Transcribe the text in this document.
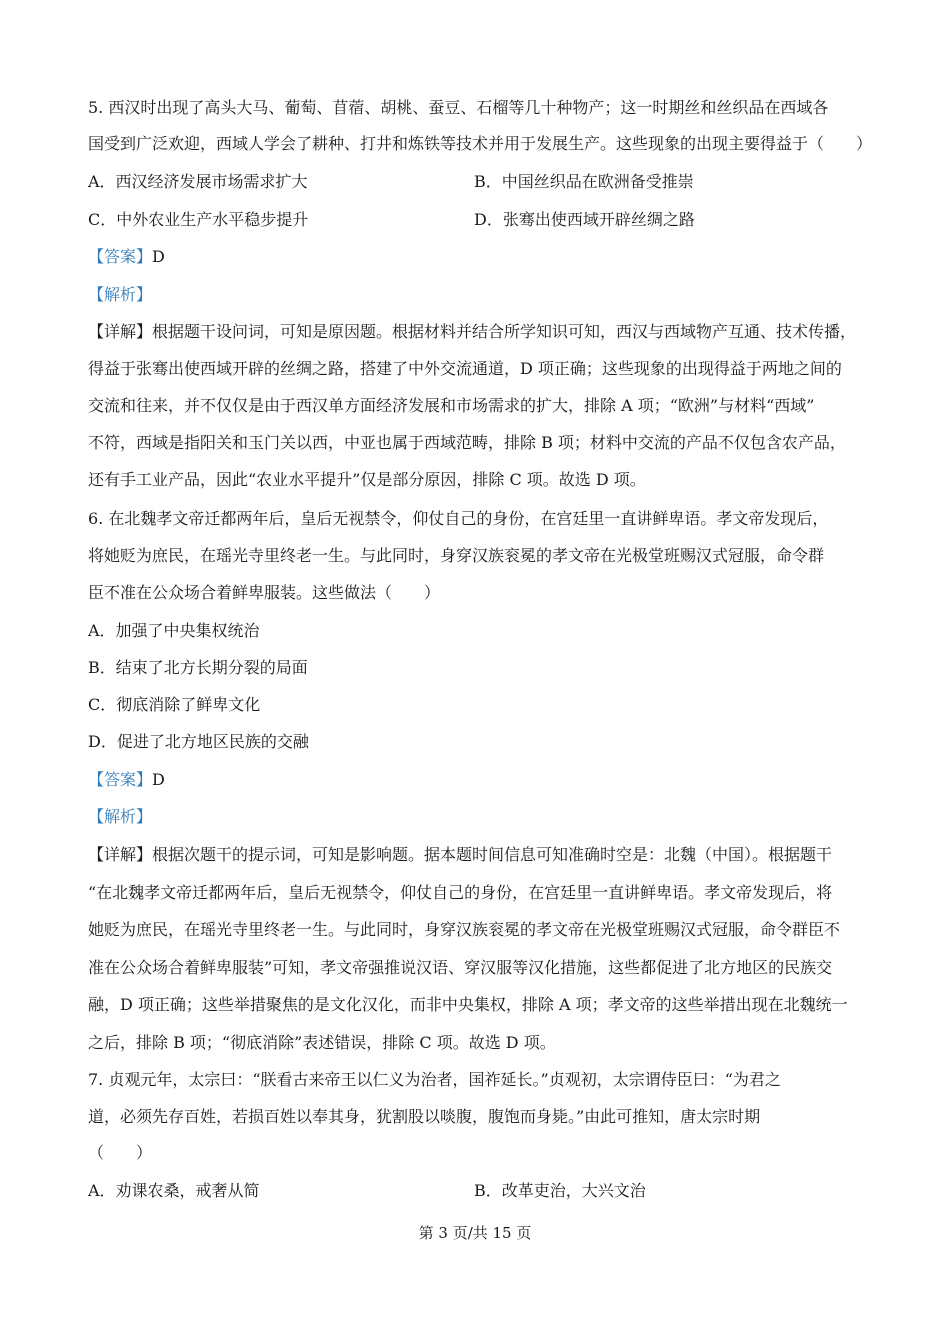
5. 西汉时出现了高头大马、葡萄、苜蓿、胡桃、蚕豆、石榴等几十种物产；这一时期丝和丝织品在西域各
国受到广泛欢迎，西域人学会了耕种、打井和炼铁等技术并用于发展生产。这些现象的出现主要得益于（　　）
A．西汉经济发展市场需求扩大	B．中国丝织品在欧洲备受推崇
C．中外农业生产水平稳步提升	D．张骞出使西域开辟丝绸之路
【答案】D
【解析】
【详解】根据题干设问词，可知是原因题。根据材料并结合所学知识可知，西汉与西域物产互通、技术传播，
得益于张骞出使西域开辟的丝绸之路，搭建了中外交流通道，D 项正确；这些现象的出现得益于两地之间的
交流和往来，并不仅仅是由于西汉单方面经济发展和市场需求的扩大，排除 A 项；“欧洲”与材料“西域”
不符，西域是指阳关和玉门关以西，中亚也属于西域范畴，排除 B 项；材料中交流的产品不仅包含农产品，
还有手工业产品，因此“农业水平提升”仅是部分原因，排除 C 项。故选 D 项。
6. 在北魏孝文帝迁都两年后，皇后无视禁令，仰仗自己的身份，在宫廷里一直讲鲜卑语。孝文帝发现后，
将她贬为庶民，在瑶光寺里终老一生。与此同时，身穿汉族衮冕的孝文帝在光极堂班赐汉式冠服，命令群
臣不准在公众场合着鲜卑服装。这些做法（　　）
A．加强了中央集权统治
B．结束了北方长期分裂的局面
C．彻底消除了鲜卑文化
D．促进了北方地区民族的交融
【答案】D
【解析】
【详解】根据次题干的提示词，可知是影响题。据本题时间信息可知准确时空是：北魏（中国）。根据题干
“在北魏孝文帝迁都两年后，皇后无视禁令，仰仗自己的身份，在宫廷里一直讲鲜卑语。孝文帝发现后，将
她贬为庶民，在瑶光寺里终老一生。与此同时，身穿汉族衮冕的孝文帝在光极堂班赐汉式冠服，命令群臣不
准在公众场合着鲜卑服装”可知，孝文帝强推说汉语、穿汉服等汉化措施，这些都促进了北方地区的民族交
融，D 项正确；这些举措聚焦的是文化汉化，而非中央集权，排除 A 项；孝文帝的这些举措出现在北魏统一
之后，排除 B 项；“彻底消除”表述错误，排除 C 项。故选 D 项。
7. 贞观元年，太宗曰：“朕看古来帝王以仁义为治者，国祚延长。”贞观初，太宗谓侍臣曰：“为君之
道，必须先存百姓，若损百姓以奉其身，犹割股以啖腹，腹饱而身毙。”由此可推知，唐太宗时期
（　　）
A．劝课农桑，戒奢从简	B．改革吏治，大兴文治
第 3 页/共 15 页
